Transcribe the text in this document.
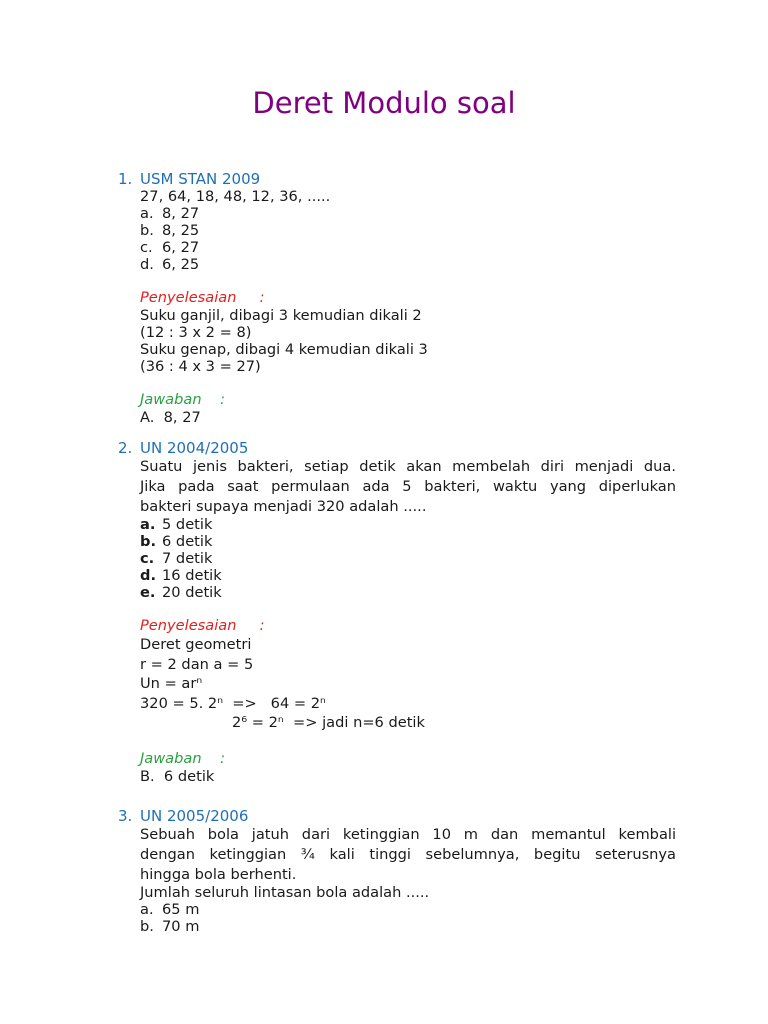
Deret Modulo soal
1. USM STAN 2009
27, 64, 18, 48, 12, 36, .....
a. 8, 27
b. 8, 25
c. 6, 27
d. 6, 25
Penyelesaian     :
Suku ganjil, dibagi 3 kemudian dikali 2
(12 : 3 x 2 = 8)
Suku genap, dibagi 4 kemudian dikali 3
(36 : 4 x 3 = 27)
Jawaban    :
A.  8, 27
2. UN 2004/2005
Suatu jenis bakteri, setiap detik akan membelah diri menjadi dua.
Jika pada saat permulaan ada 5 bakteri, waktu yang diperlukan
bakteri supaya menjadi 320 adalah .....
a. 5 detik
b. 6 detik
c. 7 detik
d. 16 detik
e. 20 detik
Penyelesaian     :
Deret geometri
r = 2 dan a = 5
Un = arⁿ
320 = 5. 2ⁿ  =>   64 = 2ⁿ
2⁶ = 2ⁿ  => jadi n=6 detik
Jawaban    :
B.  6 detik
3. UN 2005/2006
Sebuah bola jatuh dari ketinggian 10 m dan memantul kembali
dengan ketinggian ¾ kali tinggi sebelumnya, begitu seterusnya
hingga bola berhenti.
Jumlah seluruh lintasan bola adalah .....
a. 65 m
b. 70 m
